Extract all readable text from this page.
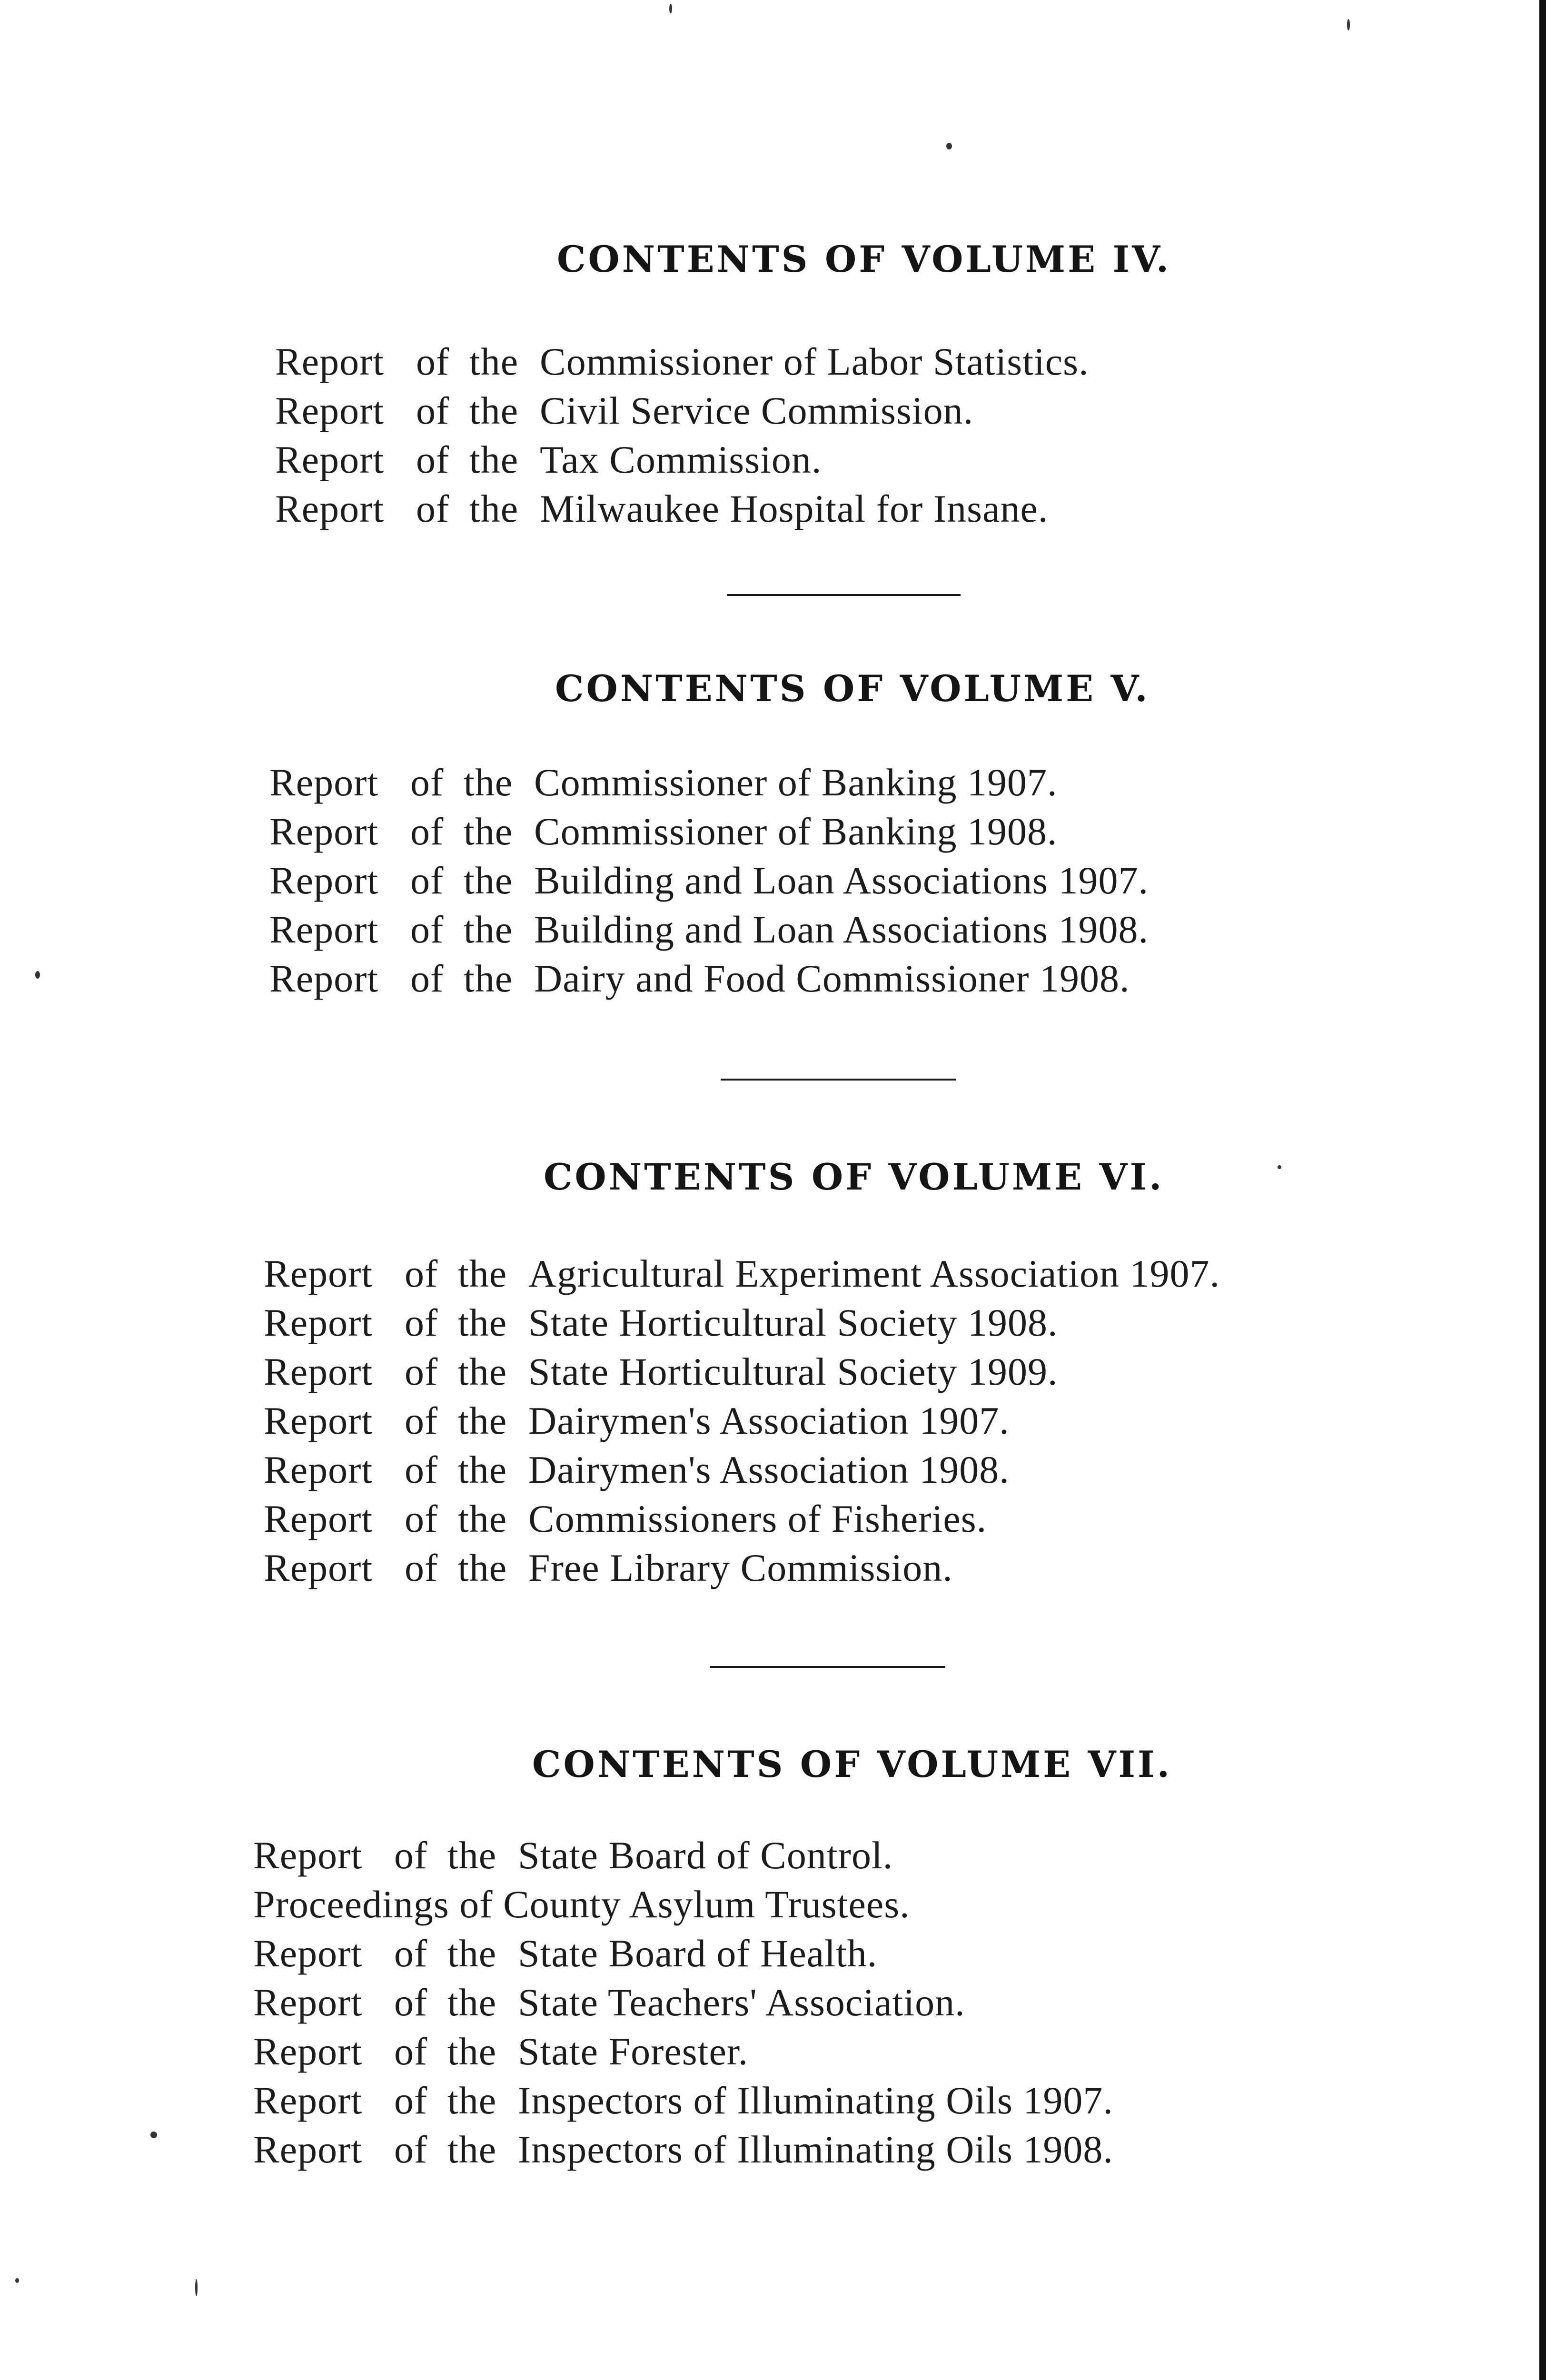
CONTENTS OF VOLUME IV.
Report of the Commissioner of Labor Statistics.
Report of the Civil Service Commission.
Report of the Tax Commission.
Report of the Milwaukee Hospital for Insane.
CONTENTS OF VOLUME V.
Report of the Commissioner of Banking 1907.
Report of the Commissioner of Banking 1908.
Report of the Building and Loan Associations 1907.
Report of the Building and Loan Associations 1908.
Report of the Dairy and Food Commissioner 1908.
CONTENTS OF VOLUME VI.
Report of the Agricultural Experiment Association 1907.
Report of the State Horticultural Society 1908.
Report of the State Horticultural Society 1909.
Report of the Dairymen's Association 1907.
Report of the Dairymen's Association 1908.
Report of the Commissioners of Fisheries.
Report of the Free Library Commission.
CONTENTS OF VOLUME VII.
Report of the State Board of Control.
Proceedings of County Asylum Trustees.
Report of the State Board of Health.
Report of the State Teachers' Association.
Report of the State Forester.
Report of the Inspectors of Illuminating Oils 1907.
Report of the Inspectors of Illuminating Oils 1908.
